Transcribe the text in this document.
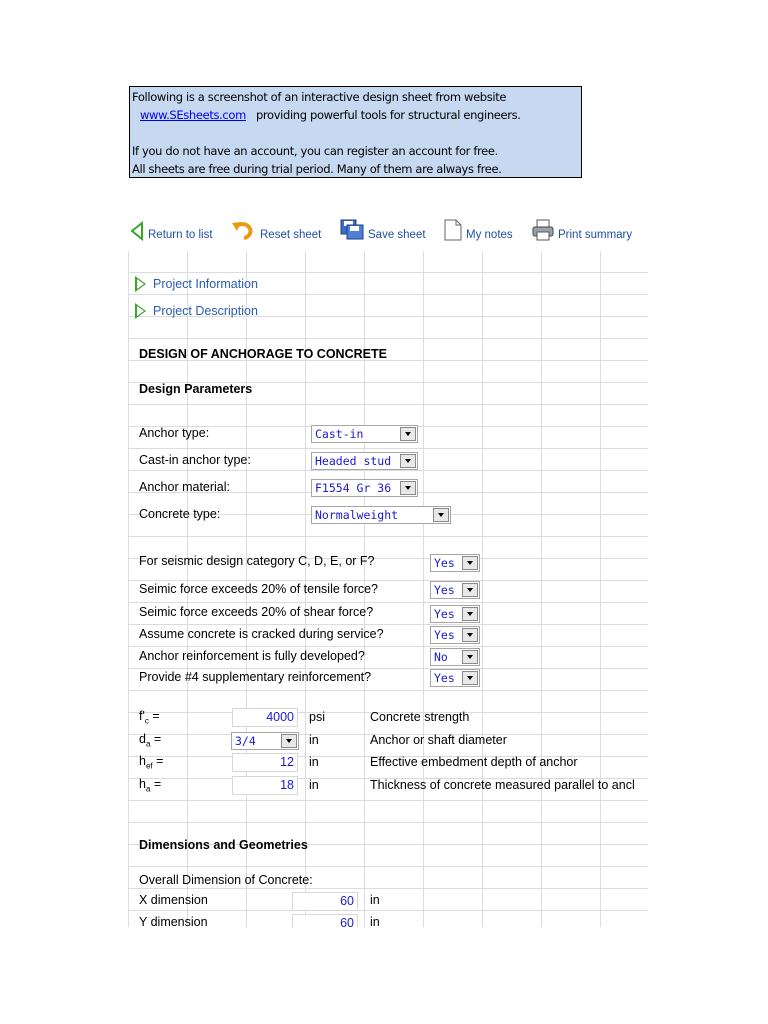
Following is a screenshot of an interactive design sheet from website
www.SEsheets.com providing powerful tools for structural engineers.
If you do not have an account, you can register an account for free.
All sheets are free during trial period. Many of them are always free.
Return to list	Reset sheet	Save sheet	My notes	Print summary
Project Information
Project Description
DESIGN OF ANCHORAGE TO CONCRETE
Design Parameters
Anchor type:	Cast-in
Cast-in anchor type:	Headed stud
Anchor material:	F1554 Gr 36
Concrete type:	Normalweight
For seismic design category C, D, E, or F?	Yes
Seimic force exceeds 20% of tensile force?	Yes
Seimic force exceeds 20% of shear force?	Yes
Assume concrete is cracked during service?	Yes
Anchor reinforcement is fully developed?	No
Provide #4 supplementary reinforcement?	Yes
$f'_c$ =	4000	psi	Concrete strength
$d_a$ =	3/4	in	Anchor or shaft diameter
$h_{ef}$ =	12	in	Effective embedment depth of anchor
$h_a$ =	18	in	Thickness of concrete measured parallel to ancl
Dimensions and Geometries
Overall Dimension of Concrete:
X dimension	60	in
Y dimension	60	in
